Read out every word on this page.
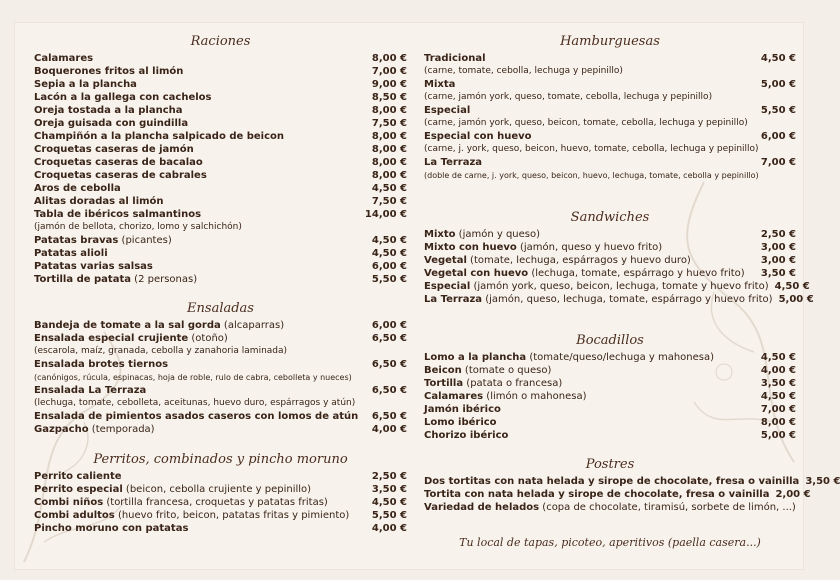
Raciones
Calamares	8,00 €
Boquerones fritos al limón	7,00 €
Sepia a la plancha	9,00 €
Lacón a la gallega con cachelos	8,50 €
Oreja tostada a la plancha	8,00 €
Oreja guisada con guindilla	7,50 €
Champiñón a la plancha salpicado de beicon	8,00 €
Croquetas caseras de jamón	8,00 €
Croquetas caseras de bacalao	8,00 €
Croquetas caseras de cabrales	8,00 €
Aros de cebolla	4,50 €
Alitas doradas al limón	7,50 €
Tabla de ibéricos salmantinos	14,00 €
(jamón de bellota, chorizo, lomo y salchichón)
Patatas bravas (picantes)	4,50 €
Patatas alioli	4,50 €
Patatas varias salsas	6,00 €
Tortilla de patata (2 personas)	5,50 €
Ensaladas
Bandeja de tomate a la sal gorda (alcaparras)	6,00 €
Ensalada especial crujiente (otoño)	6,50 €
(escarola, maíz, granada, cebolla y zanahoria laminada)
Ensalada brotes tiernos	6,50 €
(canónigos, rúcula, espinacas, hoja de roble, rulo de cabra, cebolleta y nueces)
Ensalada La Terraza	6,50 €
(lechuga, tomate, cebolleta, aceitunas, huevo duro, espárragos y atún)
Ensalada de pimientos asados caseros con lomos de atún	6,50 €
Gazpacho (temporada)	4,00 €
Perritos, combinados y pincho moruno
Perrito caliente	2,50 €
Perrito especial (beicon, cebolla crujiente y pepinillo)	3,50 €
Combi niños (tortilla francesa, croquetas y patatas fritas)	4,50 €
Combi adultos (huevo frito, beicon, patatas fritas y pimiento)	5,50 €
Pincho moruno con patatas	4,00 €
Hamburguesas
Tradicional	4,50 €
(carne, tomate, cebolla, lechuga y pepinillo)
Mixta	5,00 €
(carne, jamón york, queso, tomate, cebolla, lechuga y pepinillo)
Especial	5,50 €
(carne, jamón york, queso, beicon, tomate, cebolla, lechuga y pepinillo)
Especial con huevo	6,00 €
(carne, j. york, queso, beicon, huevo, tomate, cebolla, lechuga y pepinillo)
La Terraza	7,00 €
(doble de carne, j. york, queso, beicon, huevo, lechuga, tomate, cebolla y pepinillo)
Sandwiches
Mixto (jamón y queso)	2,50 €
Mixto con huevo (jamón, queso y huevo frito)	3,00 €
Vegetal (tomate, lechuga, espárragos y huevo duro)	3,00 €
Vegetal con huevo (lechuga, tomate, espárrago y huevo frito)	3,50 €
Especial (jamón york, queso, beicon, lechuga, tomate y huevo frito) 4,50 €
La Terraza (jamón, queso, lechuga, tomate, espárrago y huevo frito) 5,00 €
Bocadillos
Lomo a la plancha (tomate/queso/lechuga y mahonesa)	4,50 €
Beicon (tomate o queso)	4,00 €
Tortilla (patata o francesa)	3,50 €
Calamares (limón o mahonesa)	4,50 €
Jamón ibérico	7,00 €
Lomo ibérico	8,00 €
Chorizo ibérico	5,00 €
Postres
Dos tortitas con nata helada y sirope de chocolate, fresa o vainilla 3,50 €
Tortita con nata helada y sirope de chocolate, fresa o vainilla 2,00 €
Variedad de helados (copa de chocolate, tiramisú, sorbete de limón, ...)
Tu local de tapas, picoteo, aperitivos (paella casera...)
